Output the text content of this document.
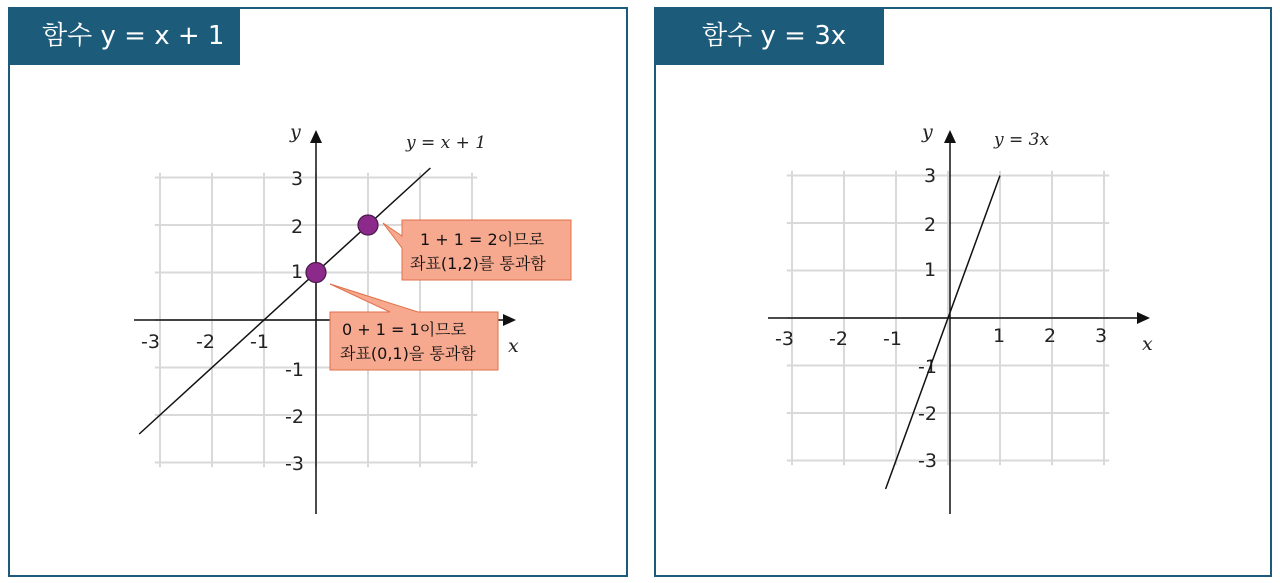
함수 y = x + 1
x
y
-3 -2 -1
3
2
1
-1
-2
-3
y = x + 1
1 + 1 = 2이므로
좌표(1,2)를 통과함
0 + 1 = 1이므로
좌표(0,1)을 통과함
함수 y = 3x
x
y
-3 -2 -1	1 2 3
3
2
1
-1
-2
-3
y = 3x
